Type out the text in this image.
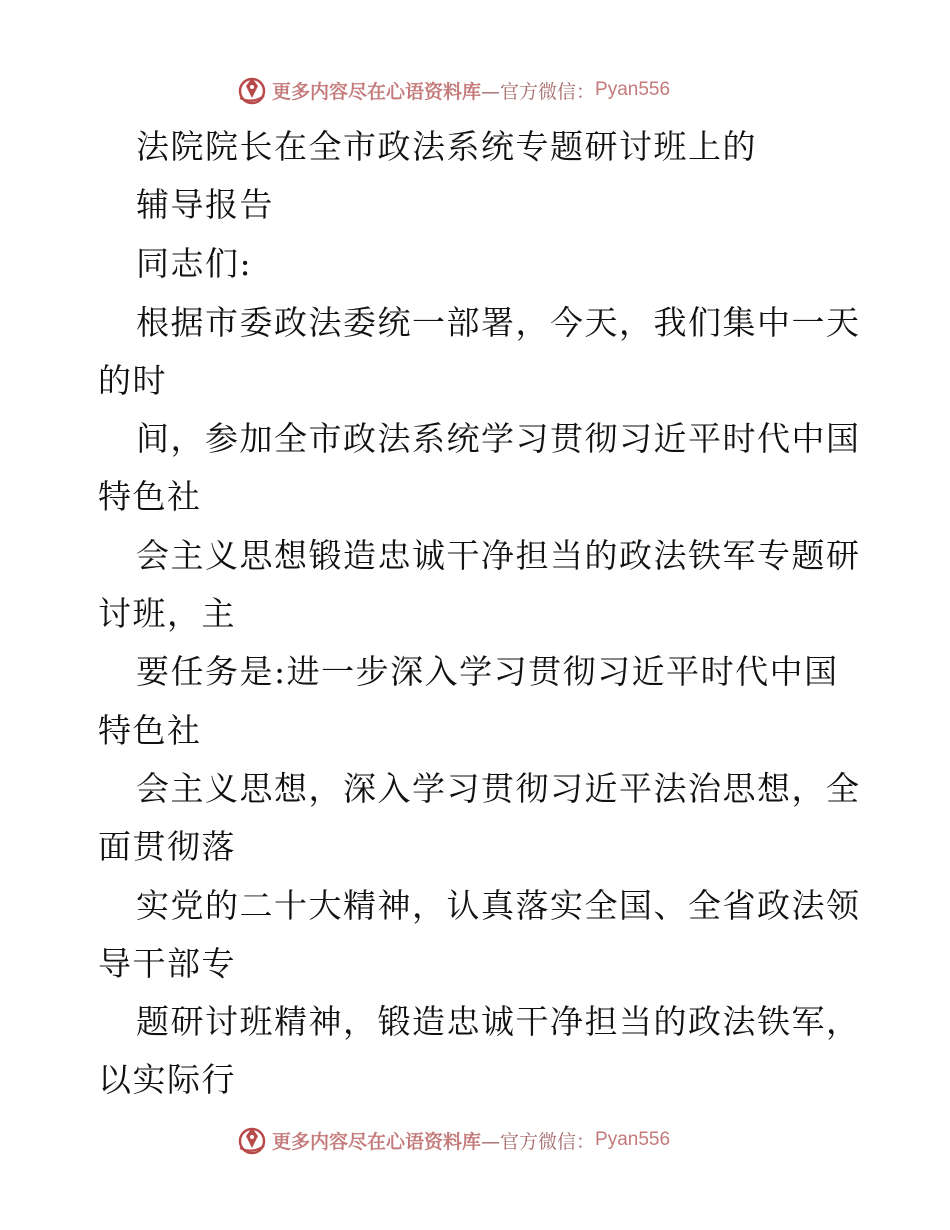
更多内容尽在心语资料库 —官方微信： Pyan556
法院院长在全市政法系统专题研讨班上的
辅导报告
同志们:
根据市委政法委统一部署，今天，我们集中一天
的时
间，参加全市政法系统学习贯彻习近平时代中国
特色社
会主义思想锻造忠诚干净担当的政法铁军专题研
讨班，主
要任务是:进一步深入学习贯彻习近平时代中国
特色社
会主义思想，深入学习贯彻习近平法治思想，全
面贯彻落
实党的二十大精神，认真落实全国、全省政法领
导干部专
题研讨班精神，锻造忠诚干净担当的政法铁军，
以实际行
更多内容尽在心语资料库 —官方微信： Pyan556
